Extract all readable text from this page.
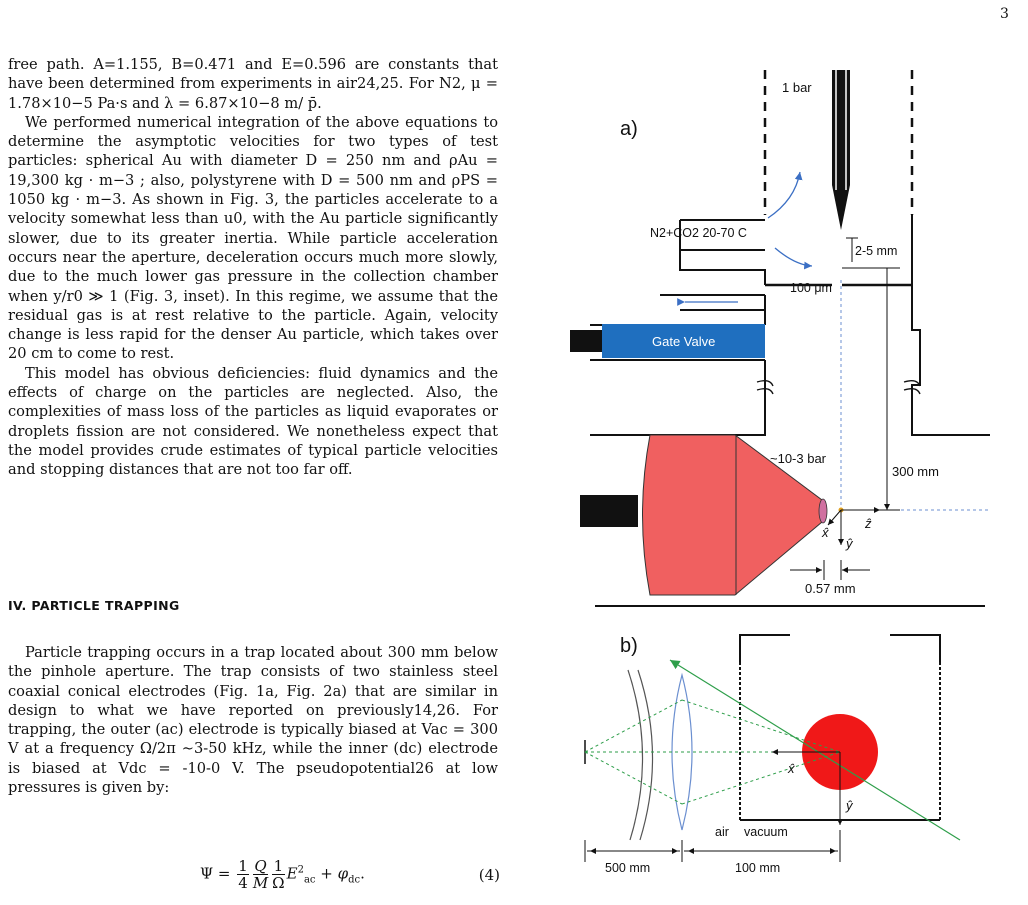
3

free path. A=1.155, B=0.471 and E=0.596 are constants that have been determined from experiments in air24,25. For N2, μ = 1.78×10−5 Pa·s and λ = 6.87×10−8 m/ p̄.

We performed numerical integration of the above equations to determine the asymptotic velocities for two types of test particles: spherical Au with diameter D = 250 nm and ρAu = 19,300 kg · m−3 ; also, polystyrene with D = 500 nm and ρPS = 1050 kg · m−3. As shown in Fig. 3, the particles accelerate to a velocity somewhat less than u0, with the Au particle significantly slower, due to its greater inertia. While particle acceleration occurs near the aperture, deceleration occurs much more slowly, due to the much lower gas pressure in the collection chamber when y/r0 ≫ 1 (Fig. 3, inset). In this regime, we assume that the residual gas is at rest relative to the particle. Again, velocity change is less rapid for the denser Au particle, which takes over 20 cm to come to rest.

This model has obvious deficiencies: fluid dynamics and the effects of charge on the particles are neglected. Also, the complexities of mass loss of the particles as liquid evaporates or droplets fission are not considered. We nonetheless expect that the model provides crude estimates of typical particle velocities and stopping distances that are not too far off.

IV. PARTICLE TRAPPING

Particle trapping occurs in a trap located about 300 mm below the pinhole aperture. The trap consists of two stainless steel coaxial conical electrodes (Fig. 1a, Fig. 2a) that are similar in design to what we have reported on previously14,26. For trapping, the outer (ac) electrode is typically biased at Vac = 300 V at a frequency Ω/2π ∼3-50 kHz, while the inner (dc) electrode is biased at Vdc = -10-0 V. The pseudopotential26 at low pressures is given by:

$\Psi = \frac{1}{4} \frac{Q}{M} \frac{1}{\Omega} E^2_{ac} + \varphi_{dc}$.	(4)
a)
b)
1 bar
N2+CO2 20-70 C
2-5 mm
100 μm
Gate Valve
300 mm
~10-3 bar
ẑ
x̂
ŷ
0.57 mm
x̂
ŷ
air vacuum
500 mm	100 mm
